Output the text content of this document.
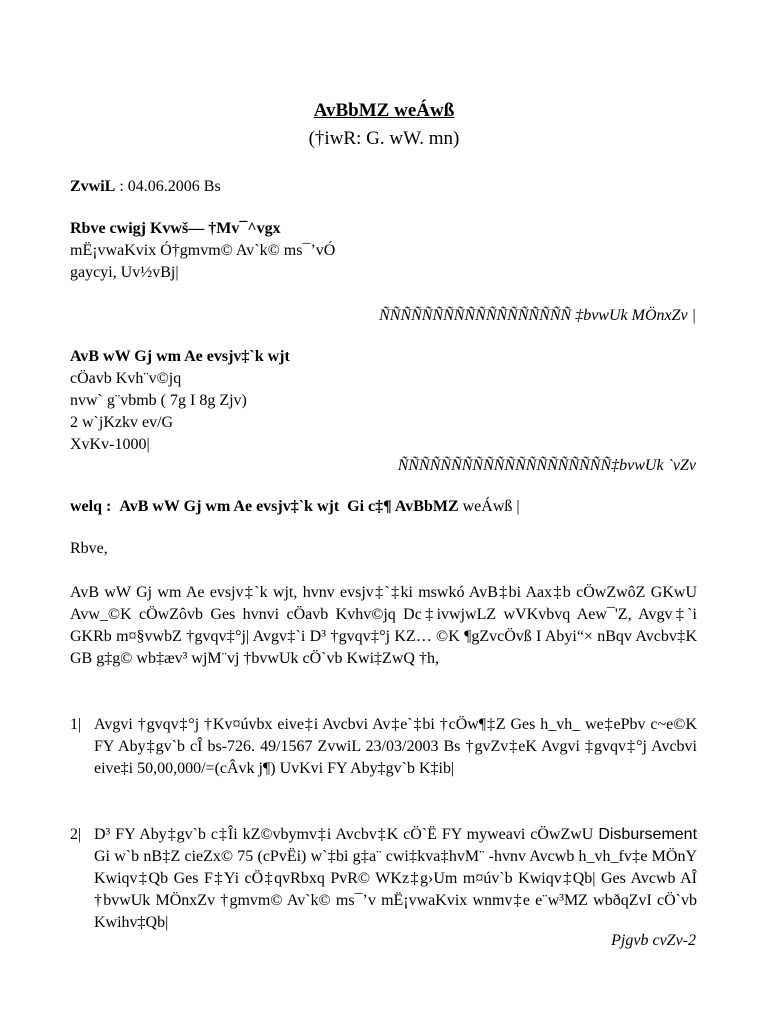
AvBbMZ weÁwß
(†iwR: G. wW. mn)
ZvwiL : 04.06.2006 Bs
Rbve cwigj Kvwš— †Mv¯^vgx
mË¡vwaKvix Ó†gmvm© Av`k© ms¯’vÓ
gaycyi, Uv½vBj|
ÑÑÑÑÑÑÑÑÑÑÑÑÑÑÑÑÑÑ ‡bvwUk MÖnxZv |
AvB wW Gj wm Ae evsjv‡`k wjt
cÖavb Kvh¨v©jq
nvw` g¨vbmb ( 7g I 8g Zjv)
2 w`jKzkv ev/G
XvKv-1000|
ÑÑÑÑÑÑÑÑÑÑÑÑÑÑÑÑÑÑÑÑ‡bvwUk `vZv
welq : AvB wW Gj wm Ae evsjv‡`k wjt Gi c‡¶ AvBbMZ weÁwß |
Rbve,
AvB wW Gj wm Ae evsjv‡`k wjt, hvnv evsjv‡`‡ki mswkó AvB‡bi Aax‡b cÖwZwôZ GKwU Avw_©K cÖwZôvb Ges hvnvi cÖavb Kvhv©jq Dc‡ivwjwLZ wVKvbvq Aew¯'Z, Avgv‡`i GKRb m¤§vwbZ †gvqv‡°j| Avgv‡`i D³ †gvqv‡°j KZ… ©K ¶gZvcÖvß I Abyi“× nBqv Avcbv‡K GB g‡g© wb‡æv³ wjM¨vj †bvwUk cÖ`vb Kwi‡ZwQ †h,
1| Avgvi †gvqv‡°j †Kv¤úvbx eive‡i Avcbvi Av‡e`‡bi †cÖw¶‡Z Ges h_vh_ we‡ePbv c~e©K FY Aby‡gv`b cÎ bs-726. 49/1567 ZvwiL 23/03/2003 Bs †gvZv‡eK Avgvi ‡gvqv‡°j Avcbvi eive‡i 50,00,000/=(cÂvk j¶) UvKvi FY Aby‡gv`b K‡ib|
2| D³ FY Aby‡gv`b c‡Îi kZ©vbymv‡i Avcbv‡K cÖ`Ë FY myweavi cÖwZwU Disbursement Gi w`b nB‡Z cieZx© 75 (cPvËi) w`‡bi g‡a¨ cwi‡kva‡hvM¨ -hvnv Avcwb h_vh_fv‡e MÖnY Kwiqv‡Qb Ges F‡Yi cÖ‡qvRbxq PvR© WKz‡g›Um m¤úv`b Kwiqv‡Qb| Ges Avcwb AÎ †bvwUk MÖnxZv †gmvm© Av`k© ms¯’v mË¡vwaKvix wnmv‡e e¨w³MZ wbðqZvI cÖ`vb Kwihv‡Qb|
Pjgvb cvZv-2
